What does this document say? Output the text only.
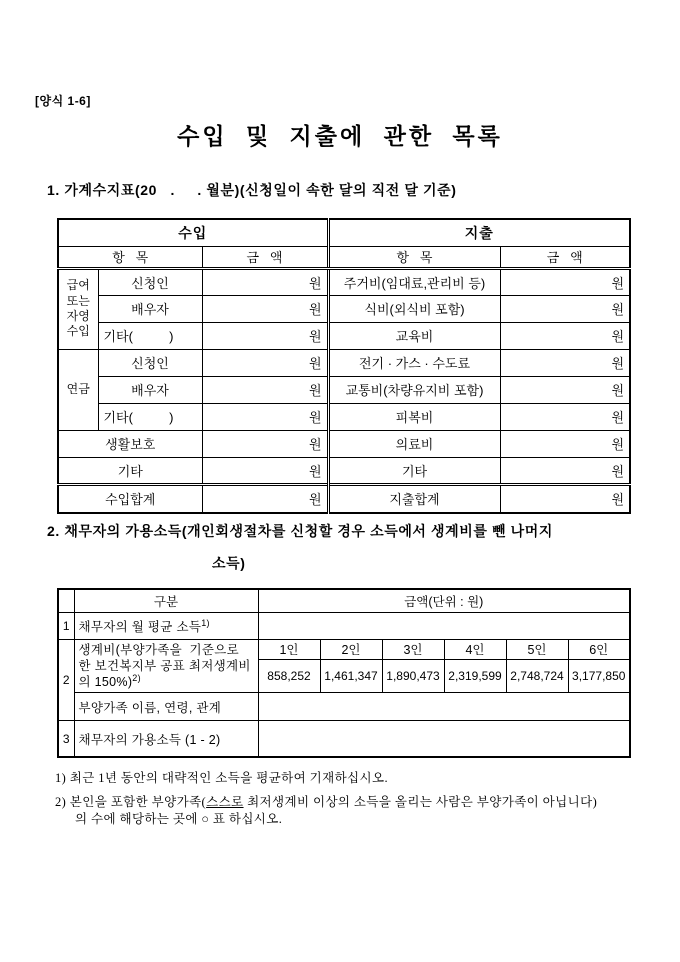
[양식 1-6]
수입 및 지출에 관한 목록
1. 가계수지표(20   .     . 월분)(신청일이 속한 달의 직전 달 기준)
수입			지출	
항   목		금   액	항   목	금   액

급여
또는
자영
수입	신청인	원	주거비(임대료,관리비 등)	원
	배우자	원	식비(외식비 포함)	원
	기타(          )	원	교육비	원
연금	신청인	원	전기 · 가스 · 수도료	원
	배우자	원	교통비(차량유지비 포함)	원
	기타(          )	원	피복비	원
생활보호		원	의료비	원
기타		원	기타	원
수입합계		원	지출합계	원
2. 채무자의 가용소득(개인회생절차를 신청할 경우 소득에서 생계비를 뺀 나머지
소득)
	구분	금액(단위 : 원)					
1	채무자의 월 평균 소득$^{1)}$	
2	생계비(부양가족을  기준으로 한 보건복지부 공표 최저생계비의 150%)$^{2)}$	1인	2인	3인	4인	5인	6인
		858,252	1,461,347	1,890,473	2,319,599	2,748,724	3,177,850
	부양가족 이름, 연령, 관계						
3	채무자의 가용소득 (1 - 2)						
1) 최근 1년 동안의 대략적인 소득을 평균하여 기재하십시오.
2) 본인을 포함한 부양가족(스스로 최저생계비 이상의 소득을 올리는 사람은 부양가족이 아닙니다)
의 수에 해당하는 곳에 ○ 표 하십시오.
